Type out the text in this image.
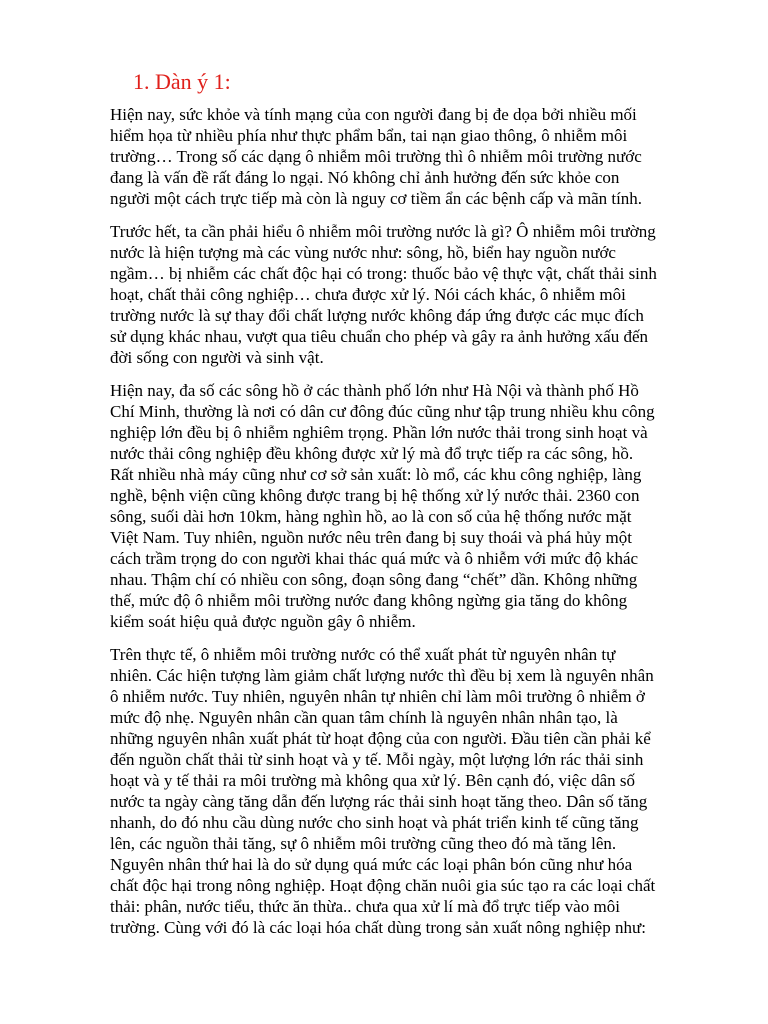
1. Dàn ý 1:

Hiện nay, sức khỏe và tính mạng của con người đang bị đe dọa bởi nhiều mối
hiểm họa từ nhiều phía như thực phẩm bẩn, tai nạn giao thông, ô nhiễm môi
trường… Trong số các dạng ô nhiễm môi trường thì ô nhiễm môi trường nước
đang là vấn đề rất đáng lo ngại. Nó không chỉ ảnh hưởng đến sức khỏe con
người một cách trực tiếp mà còn là nguy cơ tiềm ẩn các bệnh cấp và mãn tính.

Trước hết, ta cần phải hiểu ô nhiễm môi trường nước là gì? Ô nhiễm môi trường
nước là hiện tượng mà các vùng nước như: sông, hồ, biển hay nguồn nước
ngầm… bị nhiễm các chất độc hại có trong: thuốc bảo vệ thực vật, chất thải sinh
hoạt, chất thải công nghiệp… chưa được xử lý. Nói cách khác, ô nhiễm môi
trường nước là sự thay đổi chất lượng nước không đáp ứng được các mục đích
sử dụng khác nhau, vượt qua tiêu chuẩn cho phép và gây ra ảnh hưởng xấu đến
đời sống con người và sinh vật.

Hiện nay, đa số các sông hồ ở các thành phố lớn như Hà Nội và thành phố Hồ
Chí Minh, thường là nơi có dân cư đông đúc cũng như tập trung nhiều khu công
nghiệp lớn đều bị ô nhiễm nghiêm trọng. Phần lớn nước thải trong sinh hoạt và
nước thải công nghiệp đều không được xử lý mà đổ trực tiếp ra các sông, hồ.
Rất nhiều nhà máy cũng như cơ sở sản xuất: lò mổ, các khu công nghiệp, làng
nghề, bệnh viện cũng không được trang bị hệ thống xử lý nước thải. 2360 con
sông, suối dài hơn 10km, hàng nghìn hồ, ao là con số của hệ thống nước mặt
Việt Nam. Tuy nhiên, nguồn nước nêu trên đang bị suy thoái và phá hủy một
cách trầm trọng do con người khai thác quá mức và ô nhiễm với mức độ khác
nhau. Thậm chí có nhiều con sông, đoạn sông đang “chết” dần. Không những
thế, mức độ ô nhiễm môi trường nước đang không ngừng gia tăng do không
kiểm soát hiệu quả được nguồn gây ô nhiễm.

Trên thực tế, ô nhiễm môi trường nước có thể xuất phát từ nguyên nhân tự
nhiên. Các hiện tượng làm giảm chất lượng nước thì đều bị xem là nguyên nhân
ô nhiễm nước. Tuy nhiên, nguyên nhân tự nhiên chỉ làm môi trường ô nhiễm ở
mức độ nhẹ. Nguyên nhân cần quan tâm chính là nguyên nhân nhân tạo, là
những nguyên nhân xuất phát từ hoạt động của con người. Đầu tiên cần phải kể
đến nguồn chất thải từ sinh hoạt và y tế. Mỗi ngày, một lượng lớn rác thải sinh
hoạt và y tế thải ra môi trường mà không qua xử lý. Bên cạnh đó, việc dân số
nước ta ngày càng tăng dẫn đến lượng rác thải sinh hoạt tăng theo. Dân số tăng
nhanh, do đó nhu cầu dùng nước cho sinh hoạt và phát triển kinh tế cũng tăng
lên, các nguồn thải tăng, sự ô nhiễm môi trường cũng theo đó mà tăng lên.
Nguyên nhân thứ hai là do sử dụng quá mức các loại phân bón cũng như hóa
chất độc hại trong nông nghiệp. Hoạt động chăn nuôi gia súc tạo ra các loại chất
thải: phân, nước tiểu, thức ăn thừa.. chưa qua xử lí mà đổ trực tiếp vào môi
trường. Cùng với đó là các loại hóa chất dùng trong sản xuất nông nghiệp như:
